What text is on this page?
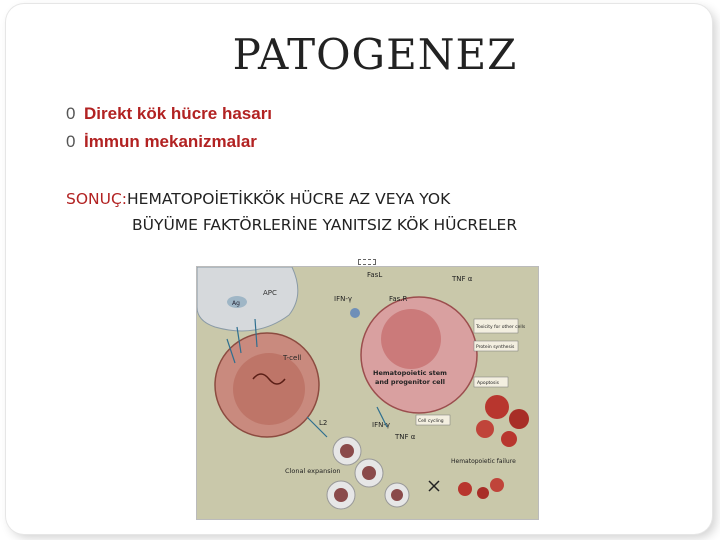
PATOGENEZ
0 Direkt kök hücre hasarı
0 İmmun mekanizmalar
SONUÇ:HEMATOPOİETİKKÖK HÜCRE AZ VEYA YOK
BÜYÜME FAKTÖRLERİNE YANITSIZ KÖK HÜCRELER
APC
Ag
T-cell
Hematopoietic stem
and progenitor cell
FasL	TNF α
IFN-γ	Fas.R
Toxicity for other cells
Protein synthesis
Apoptosis
Cell cycling
IFN-γ
TNF α
L2
Clonal expansion
Hematopoietic failure
